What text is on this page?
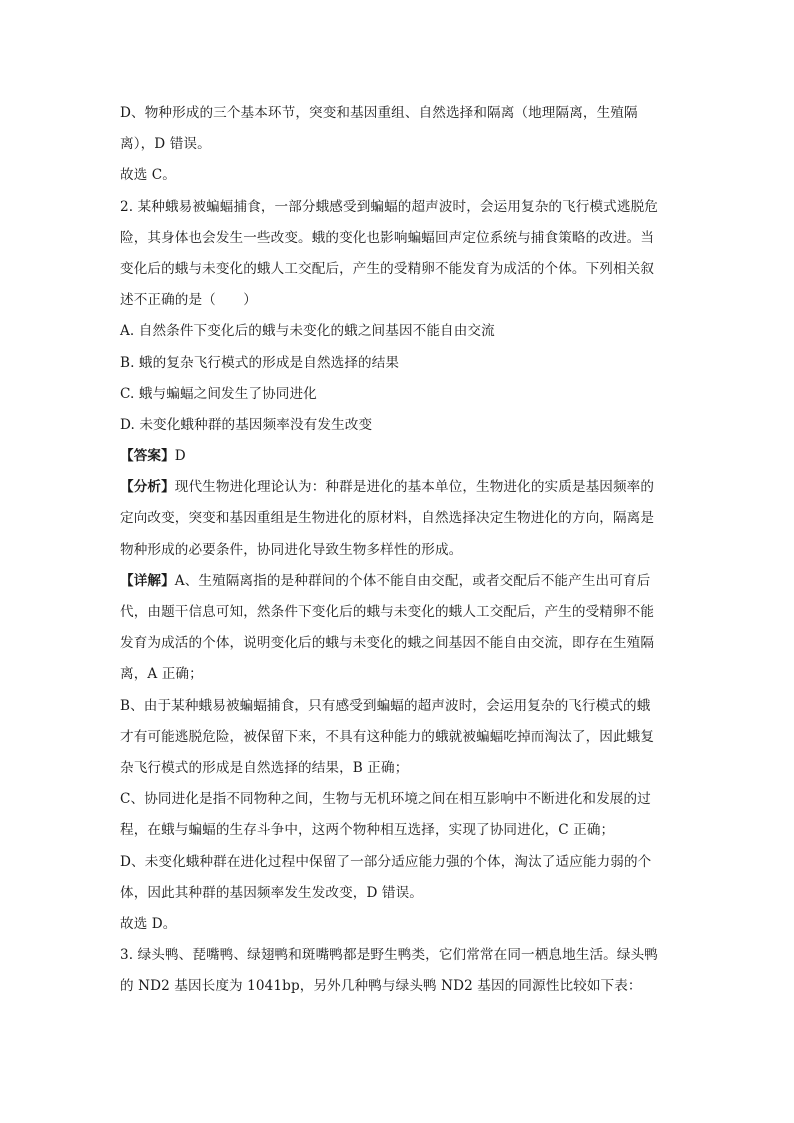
D、物种形成的三个基本环节，突变和基因重组、自然选择和隔离（地理隔离，生殖隔
离），D 错误。
故选 C。
2. 某种蛾易被蝙蝠捕食，一部分蛾感受到蝙蝠的超声波时，会运用复杂的飞行模式逃脱危
险，其身体也会发生一些改变。蛾的变化也影响蝙蝠回声定位系统与捕食策略的改进。当
变化后的蛾与未变化的蛾人工交配后，产生的受精卵不能发育为成活的个体。下列相关叙
述不正确的是（　　）
A. 自然条件下变化后的蛾与未变化的蛾之间基因不能自由交流
B. 蛾的复杂飞行模式的形成是自然选择的结果
C. 蛾与蝙蝠之间发生了协同进化
D. 未变化蛾种群的基因频率没有发生改变
【答案】D
【分析】现代生物进化理论认为：种群是进化的基本单位，生物进化的实质是基因频率的
定向改变，突变和基因重组是生物进化的原材料，自然选择决定生物进化的方向，隔离是
物种形成的必要条件，协同进化导致生物多样性的形成。
【详解】A、生殖隔离指的是种群间的个体不能自由交配，或者交配后不能产生出可育后
代，由题干信息可知，然条件下变化后的蛾与未变化的蛾人工交配后，产生的受精卵不能
发育为成活的个体，说明变化后的蛾与未变化的蛾之间基因不能自由交流，即存在生殖隔
离，A 正确；
B、由于某种蛾易被蝙蝠捕食，只有感受到蝙蝠的超声波时，会运用复杂的飞行模式的蛾
才有可能逃脱危险，被保留下来，不具有这种能力的蛾就被蝙蝠吃掉而淘汰了，因此蛾复
杂飞行模式的形成是自然选择的结果，B 正确；
C、协同进化是指不同物种之间，生物与无机环境之间在相互影响中不断进化和发展的过
程，在蛾与蝙蝠的生存斗争中，这两个物种相互选择，实现了协同进化，C 正确；
D、未变化蛾种群在进化过程中保留了一部分适应能力强的个体，淘汰了适应能力弱的个
体，因此其种群的基因频率发生发改变，D 错误。
故选 D。
3. 绿头鸭、琵嘴鸭、绿翅鸭和斑嘴鸭都是野生鸭类，它们常常在同一栖息地生活。绿头鸭
的 ND2 基因长度为 1041bp，另外几种鸭与绿头鸭 ND2 基因的同源性比较如下表：
